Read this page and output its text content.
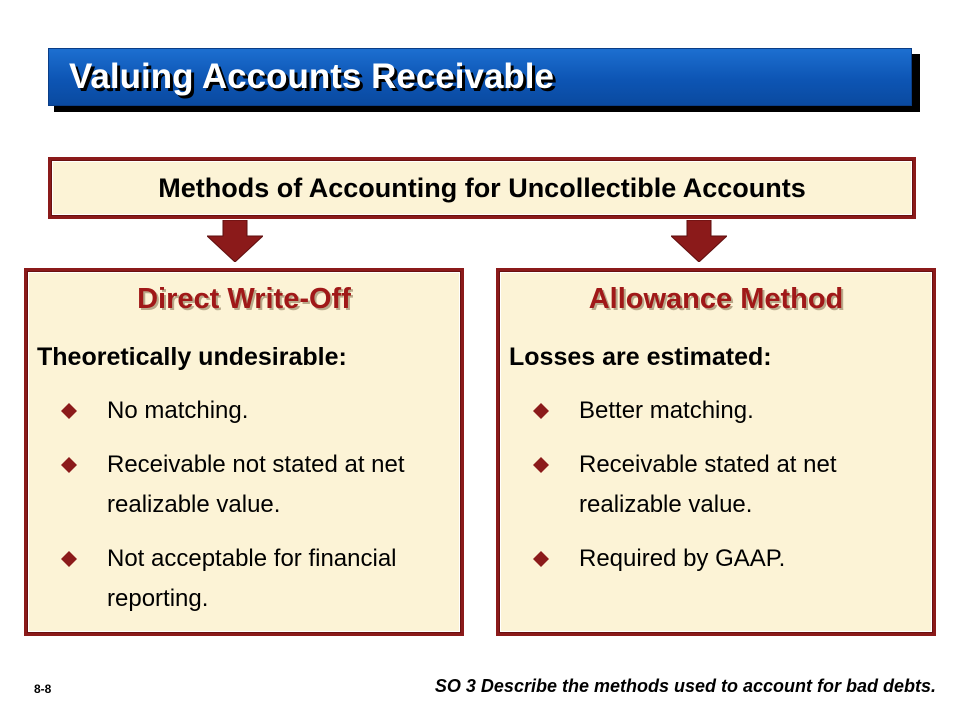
Valuing Accounts Receivable
Methods of Accounting for Uncollectible Accounts
Direct Write-Off
Theoretically undesirable:
No matching.
Receivable not stated at net realizable value.
Not acceptable for financial reporting.
Allowance Method
Losses are estimated:
Better matching.
Receivable stated at net realizable value.
Required by GAAP.
8-8	SO 3 Describe the methods used to account for bad debts.
